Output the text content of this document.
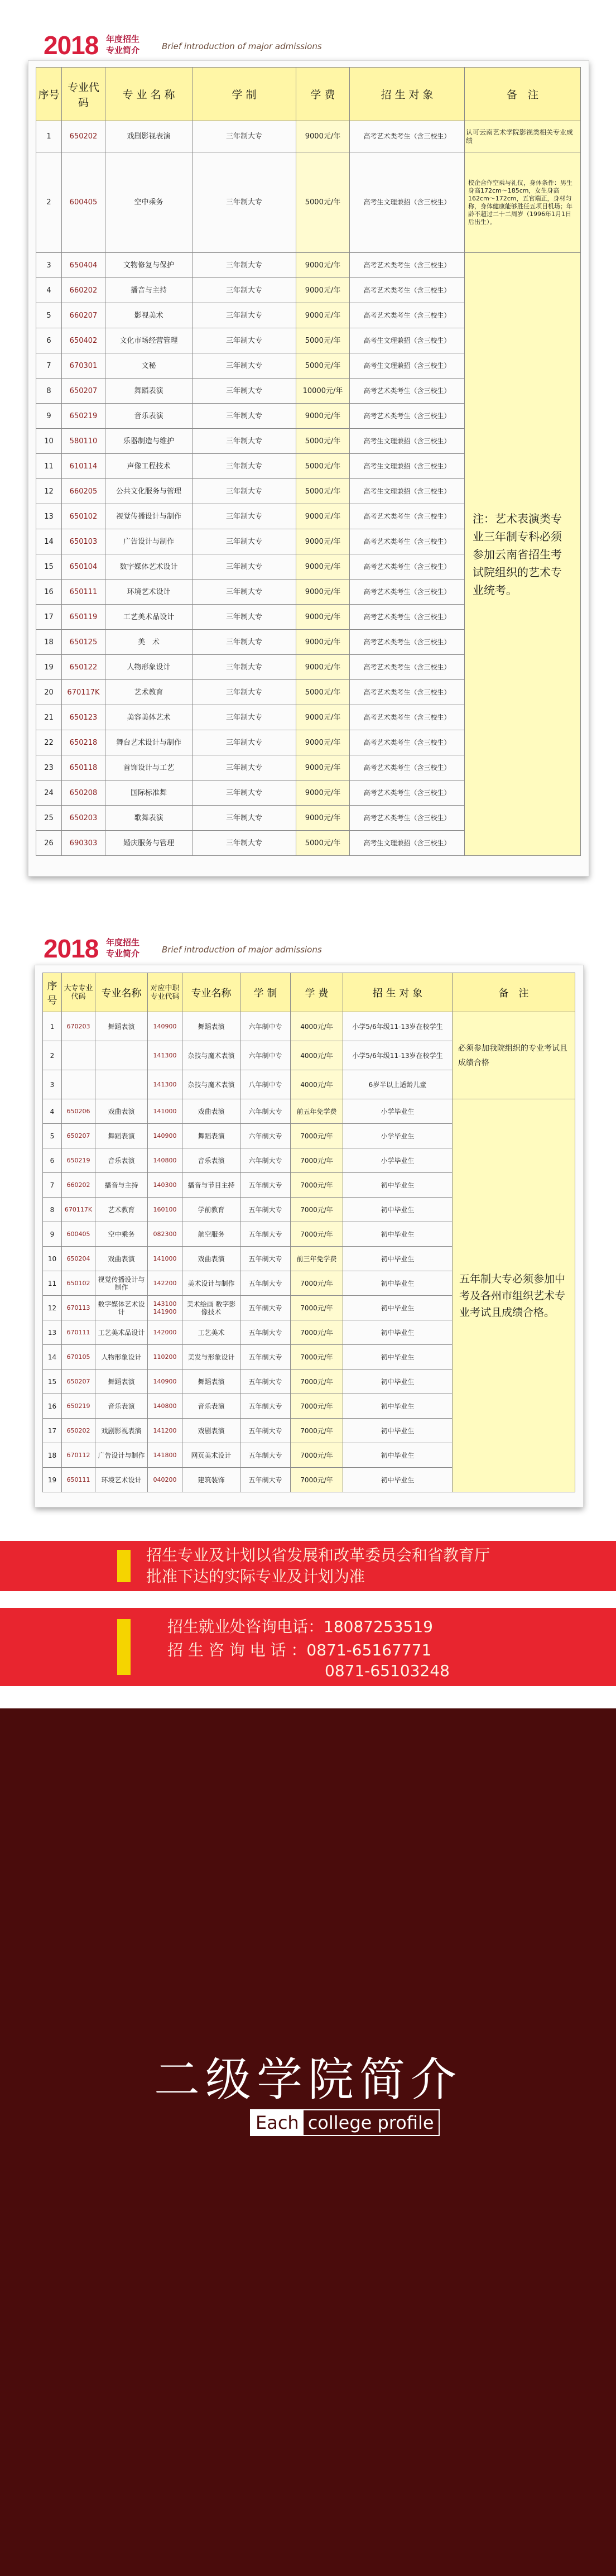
2018 年度招生
专业简介	Brief introduction of major admissions
序号	专业代码	专 业 名 称	学 制	学 费	招 生 对 象	备　注
1	650202	戏剧影视表演	三年制大专	9000元/年	高考艺术类考生（含三校生）	认可云南艺术学院影视类相关专业成绩
2	600405	空中乘务	三年制大专	5000元/年	高考生文理兼招（含三校生）	校企合作空乘与礼仪，身体条件：男生身高172cm～185cm，女生身高162cm～172cm，五官端正，身材匀称，身体健康能够胜任五项目机场；年龄不超过二十二周岁（1996年1月1日后出生）。
3	650404	文物修复与保护	三年制大专	9000元/年	高考艺术类考生（含三校生）	注：艺术表演类专业三年制专科必须参加云南省招生考试院组织的艺术专业统考。
4	660202	播音与主持	三年制大专	9000元/年	高考艺术类考生（含三校生）	
5	660207	影视美术	三年制大专	9000元/年	高考艺术类考生（含三校生）	
6	650402	文化市场经营管理	三年制大专	5000元/年	高考生文理兼招（含三校生）	
7	670301	文秘	三年制大专	5000元/年	高考生文理兼招（含三校生）	
8	650207	舞蹈表演	三年制大专	10000元/年	高考艺术类考生（含三校生）	
9	650219	音乐表演	三年制大专	9000元/年	高考艺术类考生（含三校生）	
10	580110	乐器制造与维护	三年制大专	5000元/年	高考生文理兼招（含三校生）	
11	610114	声像工程技术	三年制大专	5000元/年	高考生文理兼招（含三校生）	
12	660205	公共文化服务与管理	三年制大专	5000元/年	高考生文理兼招（含三校生）	
13	650102	视觉传播设计与制作	三年制大专	9000元/年	高考艺术类考生（含三校生）	
14	650103	广告设计与制作	三年制大专	9000元/年	高考艺术类考生（含三校生）	
15	650104	数字媒体艺术设计	三年制大专	9000元/年	高考艺术类考生（含三校生）	
16	650111	环境艺术设计	三年制大专	9000元/年	高考艺术类考生（含三校生）	
17	650119	工艺美术品设计	三年制大专	9000元/年	高考艺术类考生（含三校生）	
18	650125	美　术	三年制大专	9000元/年	高考艺术类考生（含三校生）	
19	650122	人物形象设计	三年制大专	9000元/年	高考艺术类考生（含三校生）	
20	670117K	艺术教育	三年制大专	5000元/年	高考艺术类考生（含三校生）	
21	650123	美容美体艺术	三年制大专	9000元/年	高考艺术类考生（含三校生）	
22	650218	舞台艺术设计与制作	三年制大专	9000元/年	高考艺术类考生（含三校生）	
23	650118	首饰设计与工艺	三年制大专	9000元/年	高考艺术类考生（含三校生）	
24	650208	国际标准舞	三年制大专	9000元/年	高考艺术类考生（含三校生）	
25	650203	歌舞表演	三年制大专	9000元/年	高考艺术类考生（含三校生）	
26	690303	婚庆服务与管理	三年制大专	5000元/年	高考生文理兼招（含三校生）	
2018 年度招生
专业简介	Brief introduction of major admissions
序号	大专专业代码	专业名称	对应中职专业代码	专业名称	学 制	学 费	招 生 对 象	备　注
1	670203	舞蹈表演	140900	舞蹈表演	六年制中专	4000元/年	小学5/6年级11-13岁在校学生	必须参加我院组织的专业考试且成绩合格
2			141300	杂技与魔术表演	六年制中专	4000元/年	小学5/6年级11-13岁在校学生	
3			141300	杂技与魔术表演	八年制中专	4000元/年	6岁半以上适龄儿童	
4	650206	戏曲表演	141000	戏曲表演	六年制大专	前五年免学费	小学毕业生	五年制大专必须参加中考及各州市组织艺术专业考试且成绩合格。
5	650207	舞蹈表演	140900	舞蹈表演	六年制大专	7000元/年	小学毕业生	
6	650219	音乐表演	140800	音乐表演	六年制大专	7000元/年	小学毕业生	
7	660202	播音与主持	140300	播音与节目主持	五年制大专	7000元/年	初中毕业生	
8	670117K	艺术教育	160100	学前教育	五年制大专	7000元/年	初中毕业生	
9	600405	空中乘务	082300	航空服务	五年制大专	7000元/年	初中毕业生	
10	650204	戏曲表演	141000	戏曲表演	五年制大专	前三年免学费	初中毕业生	
11	650102	视觉传播设计与制作	142200	美术设计与制作	五年制大专	7000元/年	初中毕业生	
12	670113	数字媒体艺术设计	143100 141900	美术绘画 数字影像技术	五年制大专	7000元/年	初中毕业生	
13	670111	工艺美术品设计	142000	工艺美术	五年制大专	7000元/年	初中毕业生	
14	670105	人物形象设计	110200	美发与形象设计	五年制大专	7000元/年	初中毕业生	
15	650207	舞蹈表演	140900	舞蹈表演	五年制大专	7000元/年	初中毕业生	
16	650219	音乐表演	140800	音乐表演	五年制大专	7000元/年	初中毕业生	
17	650202	戏剧影视表演	141200	戏剧表演	五年制大专	7000元/年	初中毕业生	
18	670112	广告设计与制作	141800	网页美术设计	五年制大专	7000元/年	初中毕业生	
19	650111	环境艺术设计	040200	建筑装饰	五年制大专	7000元/年	初中毕业生	
招生专业及计划以省发展和改革委员会和省教育厅
批准下达的实际专业及计划为准
招生就业处咨询电话：18087253519
招 生 咨 询 电 话 ：0871-65167771
0871-65103248
二级学院简介
Each college profile
